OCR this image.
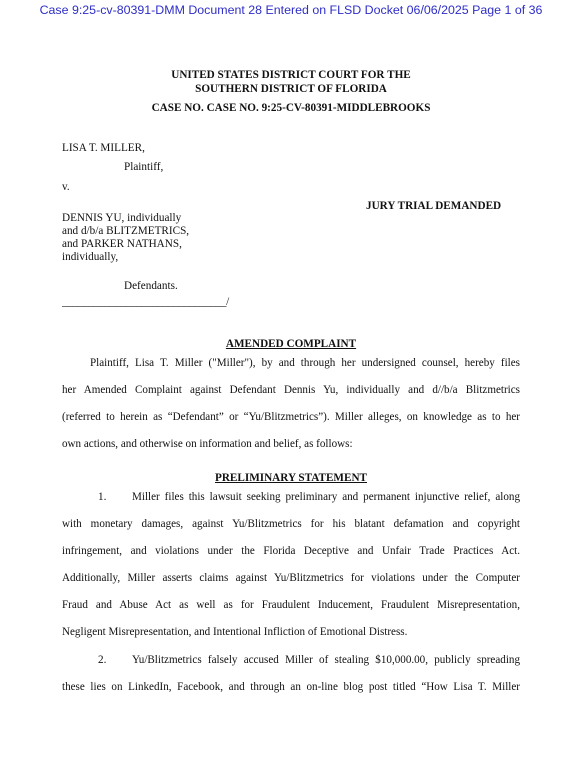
Case 9:25-cv-80391-DMM Document 28 Entered on FLSD Docket 06/06/2025 Page 1 of 36
UNITED STATES DISTRICT COURT FOR THE
SOUTHERN DISTRICT OF FLORIDA
CASE NO. CASE NO. 9:25-CV-80391-MIDDLEBROOKS
LISA T. MILLER,
Plaintiff,
v.
JURY TRIAL DEMANDED
DENNIS YU, individually
and d/b/a BLITZMETRICS,
and PARKER NATHANS,
individually,
Defendants.
_______________________________/
AMENDED COMPLAINT
Plaintiff, Lisa T. Miller ("Miller"), by and through her undersigned counsel, hereby files
her Amended Complaint against Defendant Dennis Yu, individually and d//b/a Blitzmetrics
(referred to herein as “Defendant” or “Yu/Blitzmetrics”). Miller alleges, on knowledge as to her
own actions, and otherwise on information and belief, as follows:
PRELIMINARY STATEMENT
1. Miller files this lawsuit seeking preliminary and permanent injunctive relief, along
with monetary damages, against Yu/Blitzmetrics for his blatant defamation and copyright
infringement, and violations under the Florida Deceptive and Unfair Trade Practices Act.
Additionally, Miller asserts claims against Yu/Blitzmetrics for violations under the Computer
Fraud and Abuse Act as well as for Fraudulent Inducement, Fraudulent Misrepresentation,
Negligent Misrepresentation, and Intentional Infliction of Emotional Distress.
2. Yu/Blitzmetrics falsely accused Miller of stealing $10,000.00, publicly spreading
these lies on LinkedIn, Facebook, and through an on-line blog post titled “How Lisa T. Miller
